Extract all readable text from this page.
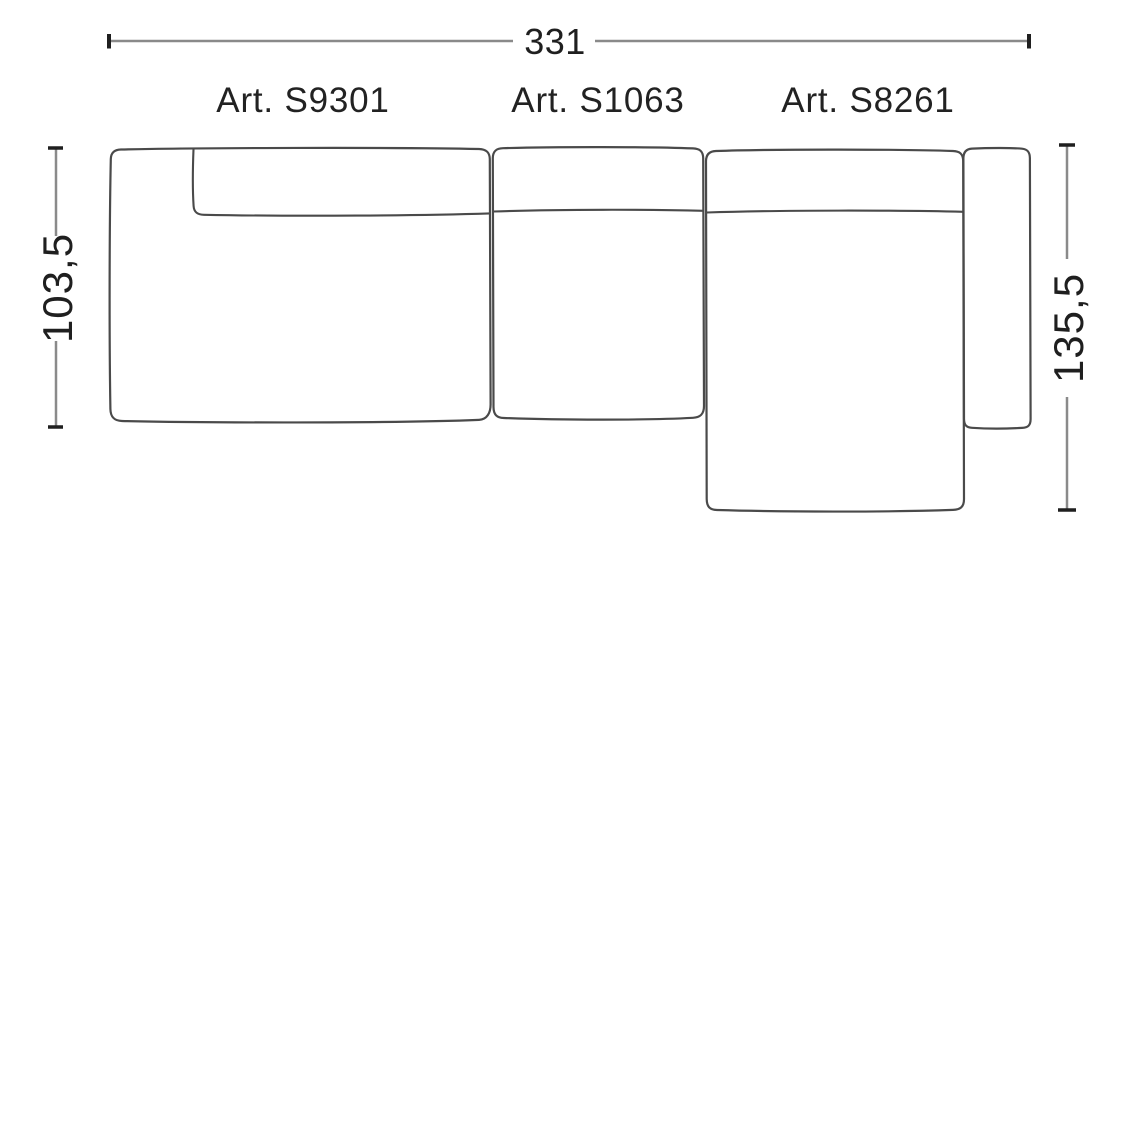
331
Art. S9301	Art. S1063	Art. S8261
103,5	135,5
